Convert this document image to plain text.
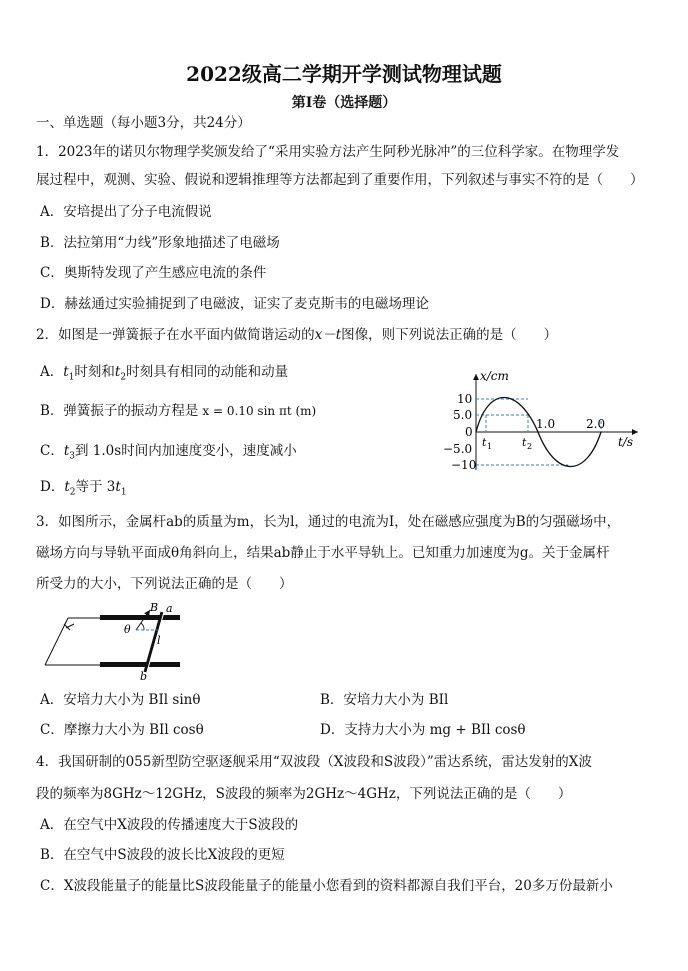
2022级高二学期开学测试物理试题
第Ⅰ卷（选择题）
一、单选题（每小题3分，共24分）
1．2023年的诺贝尔物理学奖颁发给了“采用实验方法产生阿秒光脉冲”的三位科学家。在物理学发
展过程中，观测、实验、假说和逻辑推理等方法都起到了重要作用，下列叙述与事实不符的是（　　）
A．安培提出了分子电流假说
B．法拉第用“力线”形象地描述了电磁场
C．奥斯特发现了产生感应电流的条件
D．赫兹通过实验捕捉到了电磁波，证实了麦克斯韦的电磁场理论
2．如图是一弹簧振子在水平面内做简谐运动的x－t图像，则下列说法正确的是（　　）
A．$t_1$时刻和$t_2$时刻具有相同的动能和动量
B．弹簧振子的振动方程是 x = 0.10 sin πt (m)
C．$t_3$到 1.0s时间内加速度变小，速度减小
D．$t_2$等于 $3t_1$
x/cm
10
5.0
0
−5.0
−10
1.0	2.0
t 1	t 2	t/s
3．如图所示，金属杆ab的质量为m，长为l，通过的电流为I，处在磁感应强度为B的匀强磁场中，
磁场方向与导轨平面成θ角斜向上，结果ab静止于水平导轨上。已知重力加速度为g。关于金属杆
所受力的大小，下列说法正确的是（　　）
B a
θ
l
b
A．安培力大小为 BIl sinθ	B．安培力大小为 BIl
C．摩擦力大小为 BIl cosθ	D．支持力大小为 mg + BIl cosθ
4．我国研制的055新型防空驱逐舰采用“双波段（X波段和S波段）”雷达系统，雷达发射的X波
段的频率为8GHz～12GHz，S波段的频率为2GHz～4GHz，下列说法正确的是（　　）
A．在空气中X波段的传播速度大于S波段的
B．在空气中S波段的波长比X波段的更短
C．X波段能量子的能量比S波段能量子的能量小您看到的资料都源自我们平台，20多万份最新小
